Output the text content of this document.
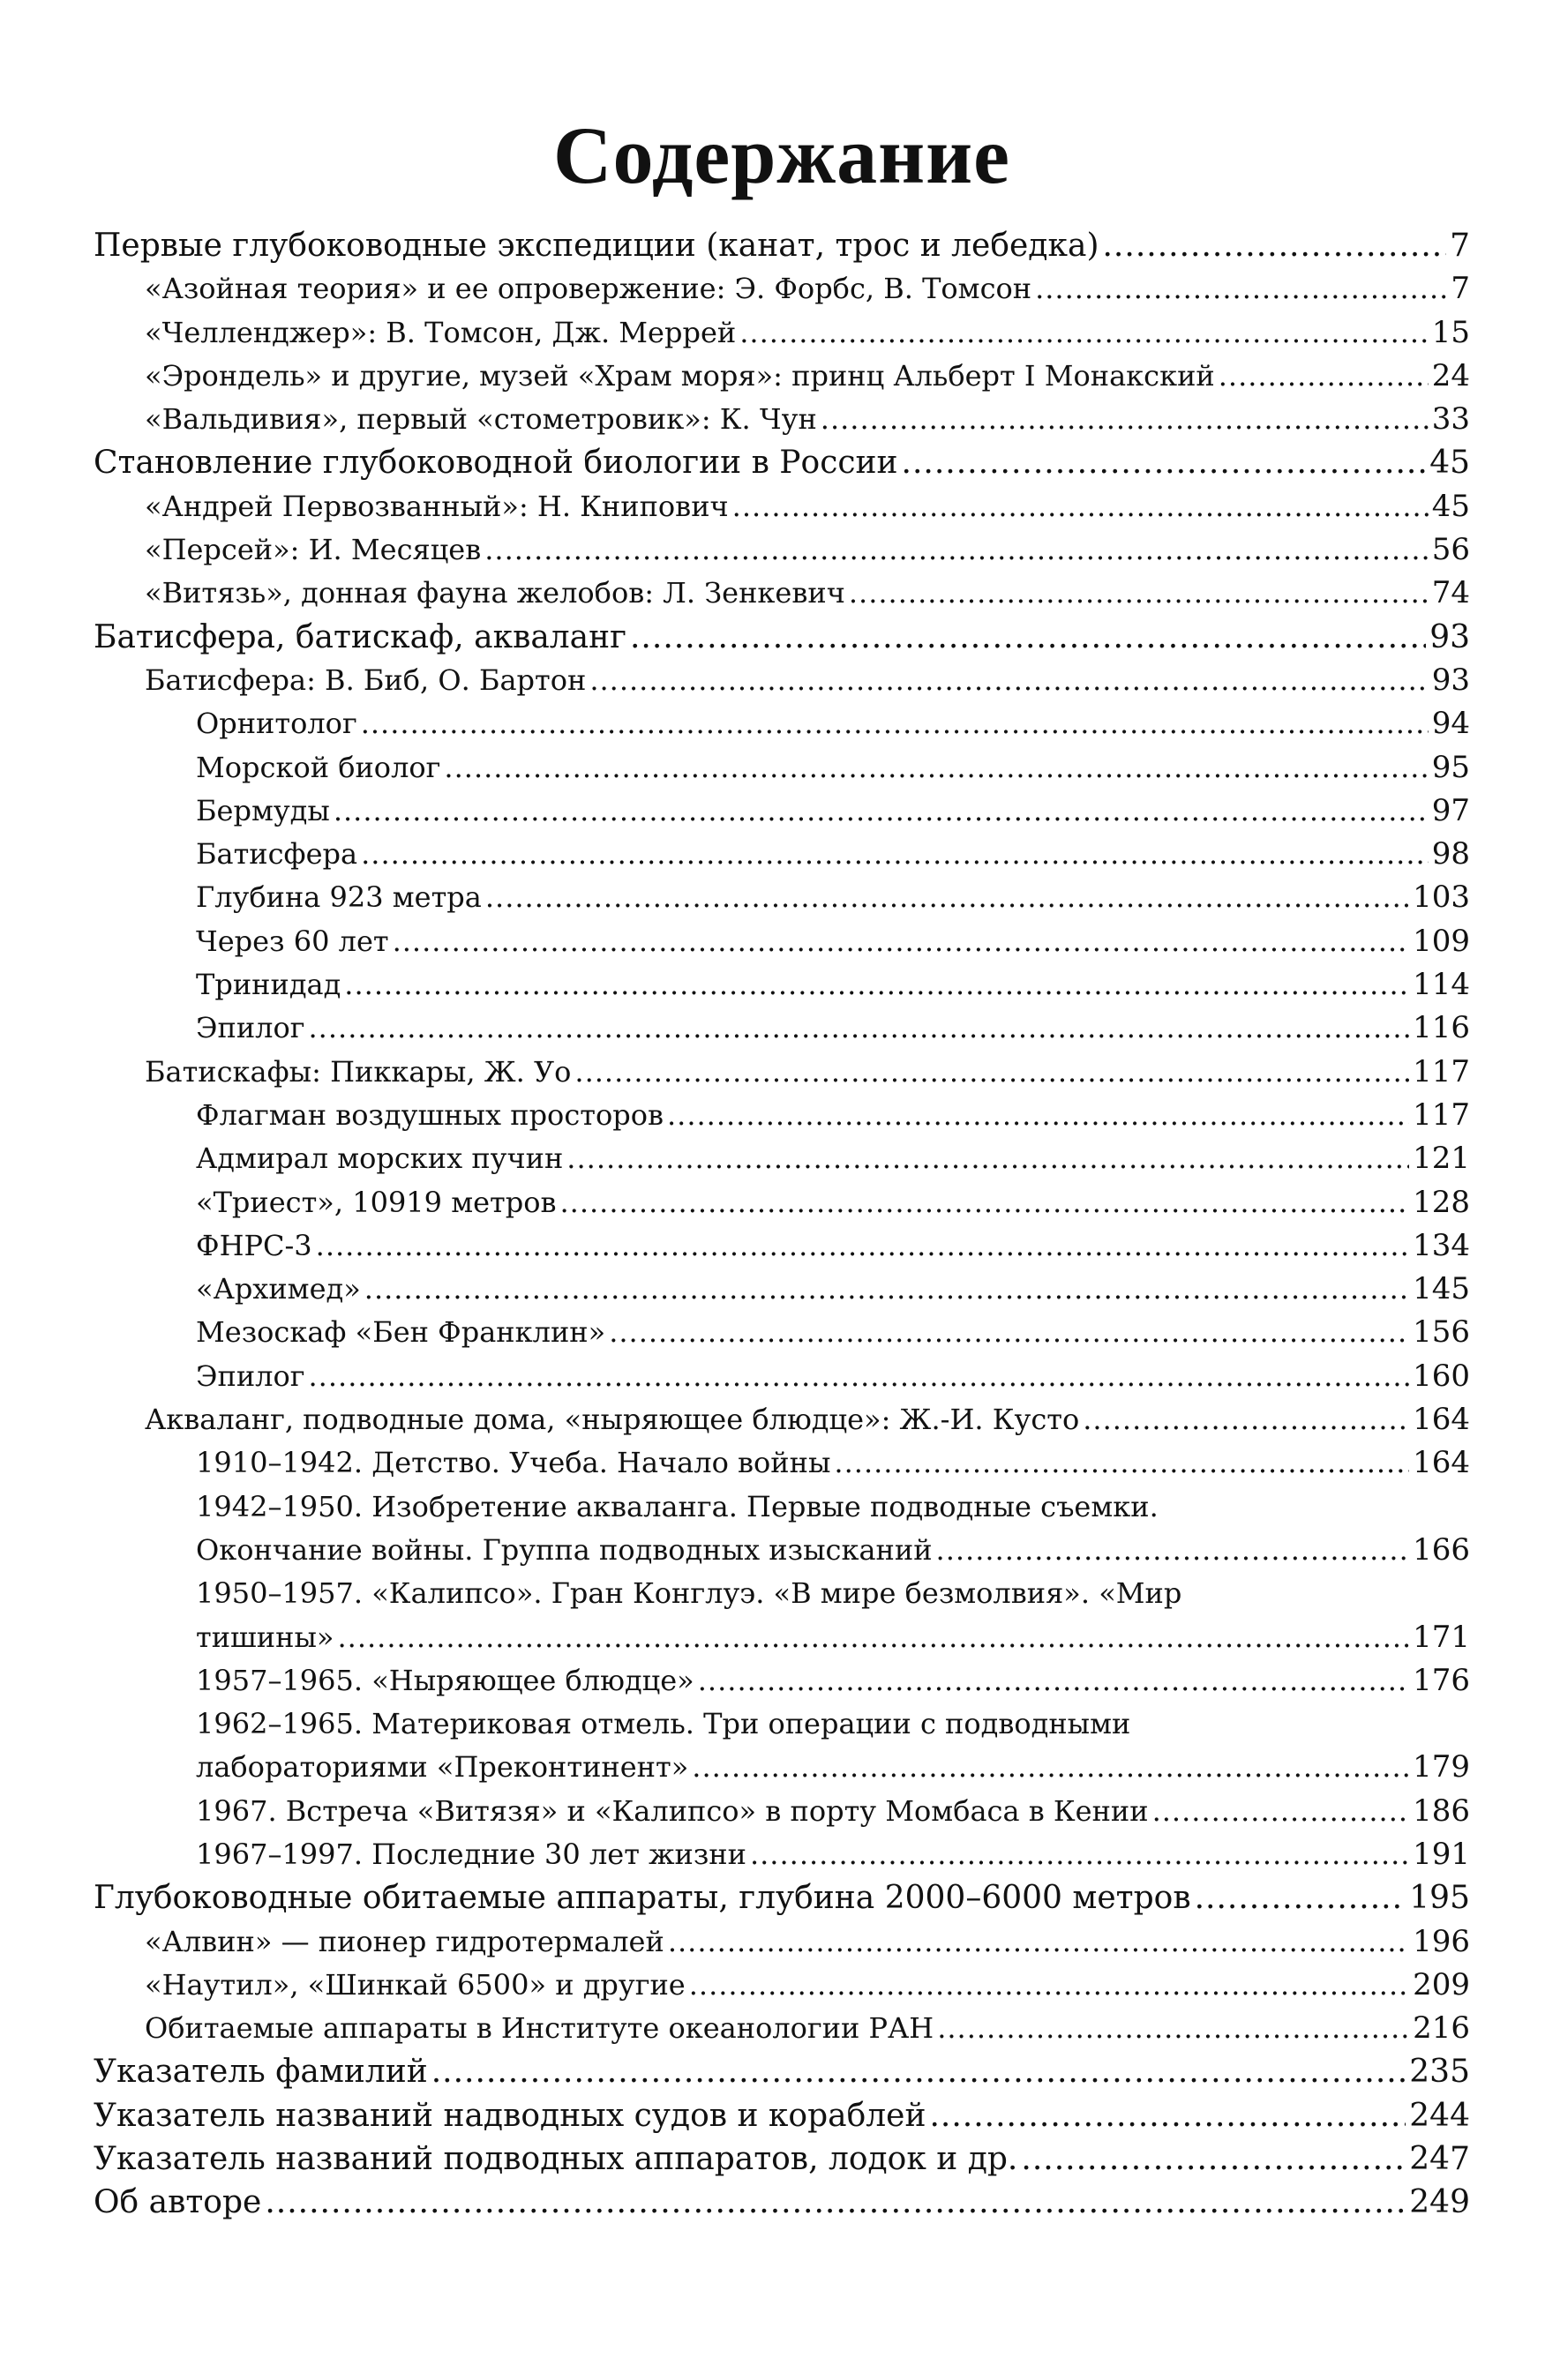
Содержание
Первые глубоководные экспедиции (канат, трос и лебедка) .....	7
«Азойная теория» и ее опровержение: Э. Форбс, В. Томсон .....	7
«Челленджер»: В. Томсон, Дж. Меррей .....	15
«Эрондель» и другие, музей «Храм моря»: принц Альберт I Монакский .....	24
«Вальдивия», первый «стометровик»: К. Чун .....	33
Становление глубоководной биологии в России .....	45
«Андрей Первозванный»: Н. Книпович .....	45
«Персей»: И. Месяцев .....	56
«Витязь», донная фауна желобов: Л. Зенкевич .....	74
Батисфера, батискаф, акваланг .....	93
Батисфера: В. Биб, О. Бартон .....	93
Орнитолог .....	94
Морской биолог .....	95
Бермуды .....	97
Батисфера .....	98
Глубина 923 метра .....	103
Через 60 лет .....	109
Тринидад .....	114
Эпилог .....	116
Батискафы: Пиккары, Ж. Уо .....	117
Флагман воздушных просторов .....	117
Адмирал морских пучин .....	121
«Триест», 10919 метров .....	128
ФНРС-3 .....	134
«Архимед» .....	145
Мезоскаф «Бен Франклин» .....	156
Эпилог .....	160
Акваланг, подводные дома, «ныряющее блюдце»: Ж.-И. Кусто .....	164
1910–1942. Детство. Учеба. Начало войны .....	164
1942–1950. Изобретение акваланга. Первые подводные съемки.
Окончание войны. Группа подводных изысканий .....	166
1950–1957. «Калипсо». Гран Конглуэ. «В мире безмолвия». «Мир
тишины» .....	171
1957–1965. «Ныряющее блюдце» .....	176
1962–1965. Материковая отмель. Три операции с подводными
лабораториями «Преконтинент» .....	179
1967. Встреча «Витязя» и «Калипсо» в порту Момбаса в Кении .....	186
1967–1997. Последние 30 лет жизни .....	191
Глубоководные обитаемые аппараты, глубина 2000–6000 метров .....	195
«Алвин» — пионер гидротермалей .....	196
«Наутил», «Шинкай 6500» и другие .....	209
Обитаемые аппараты в Институте океанологии РАН .....	216
Указатель фамилий .....	235
Указатель названий надводных судов и кораблей .....	244
Указатель названий подводных аппаратов, лодок и др. .....	247
Об авторе .....	249
